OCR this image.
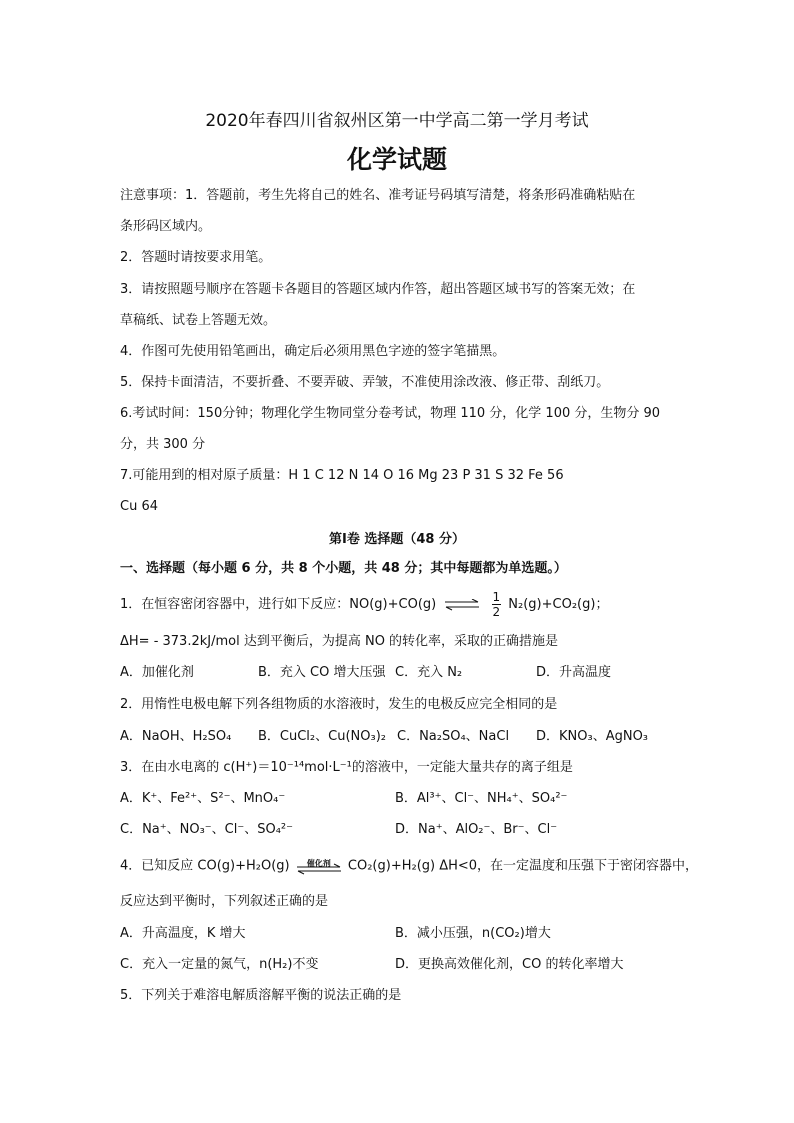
2020年春四川省叙州区第一中学高二第一学月考试
化学试题
注意事项：1．答题前，考生先将自己的姓名、准考证号码填写清楚，将条形码准确粘贴在
条形码区域内。
2．答题时请按要求用笔。
3．请按照题号顺序在答题卡各题目的答题区域内作答，超出答题区域书写的答案无效；在
草稿纸、试卷上答题无效。
4．作图可先使用铅笔画出，确定后必须用黑色字迹的签字笔描黑。
5．保持卡面清洁，不要折叠、不要弄破、弄皱，不准使用涂改液、修正带、刮纸刀。
6.考试时间：150分钟；物理化学生物同堂分卷考试，物理 110 分，化学 100 分，生物分 90
分，共 300 分
7.可能用到的相对原子质量：H 1 C 12 N 14 O 16 Mg 23 P 31 S 32 Fe 56
Cu 64
第Ⅰ卷 选择题（48 分）
一、选择题（每小题 6 分，共 8 个小题，共 48 分；其中每题都为单选题。）
1．在恒容密闭容器中，进行如下反应：NO(g)+CO(g) ⇌ $\frac{1}{2} N_2(g)+CO_2(g)$；
ΔH= - 373.2kJ/mol 达到平衡后，为提高 NO 的转化率，采取的正确措施是
A．加催化剂	B．充入 CO 增大压强 C．充入 N₂	D．升高温度
2．用惰性电极电解下列各组物质的水溶液时，发生的电极反应完全相同的是
A．NaOH、H₂SO₄ B．CuCl₂、Cu(NO₃)₂ C．Na₂SO₄、NaCl D．KNO₃、AgNO₃
3．在由水电离的 c(H⁺)＝10⁻¹⁴mol·L⁻¹的溶液中，一定能大量共存的离子组是
A．K⁺、Fe²⁺、S²⁻、MnO₄⁻	B．Al³⁺、Cl⁻、NH₄⁺、SO₄²⁻
C．Na⁺、NO₃⁻、Cl⁻、SO₄²⁻	D．Na⁺、AlO₂⁻、Br⁻、Cl⁻
4．已知反应 CO(g)+H₂O(g)	催化剂	CO₂(g)+H₂(g) ΔH<0，在一定温度和压强下于密闭容器中，
反应达到平衡时，下列叙述正确的是
A．升高温度，K 增大	B．减小压强，n(CO₂)增大
C．充入一定量的氮气，n(H₂)不变	D．更换高效催化剂，CO 的转化率增大
5．下列关于难溶电解质溶解平衡的说法正确的是
